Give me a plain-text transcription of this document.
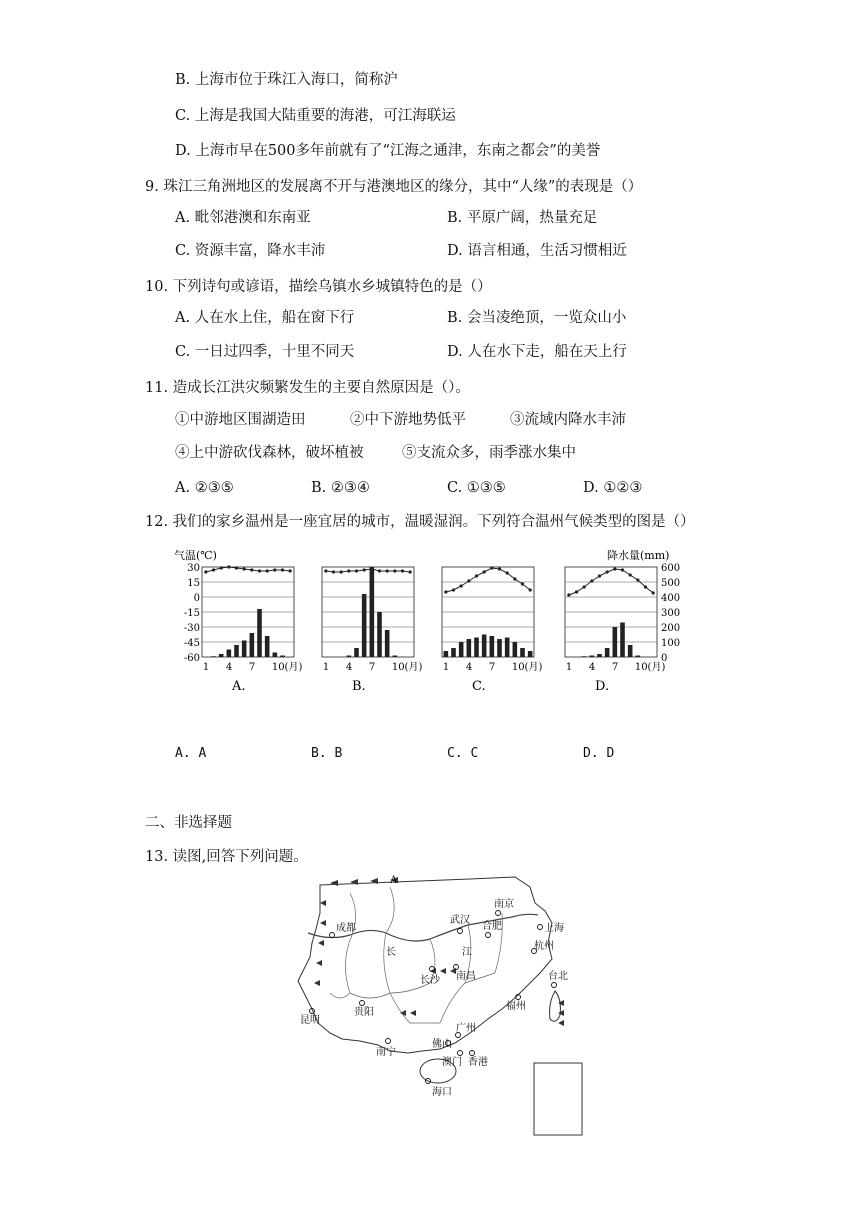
B. 上海市位于珠江入海口，简称沪
C. 上海是我国大陆重要的海港，可江海联运
D. 上海市早在500多年前就有了“江海之通津，东南之都会”的美誉
9. 珠江三角洲地区的发展离不开与港澳地区的缘分，其中“人缘”的表现是（）
A. 毗邻港澳和东南亚	B. 平原广阔，热量充足
C. 资源丰富，降水丰沛	D. 语言相通，生活习惯相近
10. 下列诗句或谚语，描绘乌镇水乡城镇特色的是（）
A. 人在水上住，船在窗下行	B. 会当凌绝顶，一览众山小
C. 一日过四季，十里不同天	D. 人在水下走，船在天上行
11. 造成长江洪灾频繁发生的主要自然原因是（）。
①中游地区围湖造田	②中下游地势低平	③流域内降水丰沛
④上中游砍伐森林，破坏植被	⑤支流众多，雨季涨水集中
A. ②③⑤	B. ②③④	C. ①③⑤	D. ①②③
12. 我们的家乡温州是一座宜居的城市，温暖湿润。下列符合温州气候类型的图是（）
气温(℃)	降水量(mm)
30
15
0
-15
-30
-45
-60
600
500
400
300
200
100
0
1 4 7 10(月)
A.
1 4 7 10(月)
B.
1 4 7 10(月)
C.
1 4 7 10(月)
D.
A. A	B. B	C. C	D. D
二、非选择题
13. 读图,回答下列问题。
A
成都
武汉
南京
合肥	上海
杭州
长	江
南昌
长沙
贵阳
昆明
福州
台北
广州
佛山
南宁
澳门 香港
海口
